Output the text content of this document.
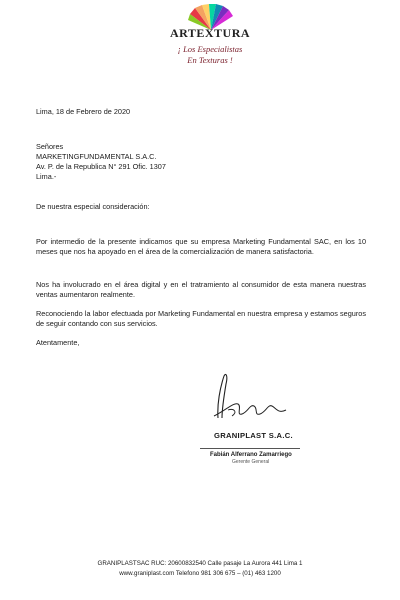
ARTEXTURA
¡ Los Especialistas
En Texturas !
Lima, 18 de Febrero de 2020
Señores
MARKETINGFUNDAMENTAL S.A.C.
Av. P. de la Republica N° 291 Ofic. 1307
Lima.-
De nuestra especial consideración:
Por intermedio de la presente indicamos que su empresa Marketing Fundamental SAC, en los 10 meses que nos ha apoyado en el área de la comercialización de manera satisfactoria.
Nos ha involucrado en el área digital y en el tratramiento al consumidor de esta manera nuestras ventas aumentaron realmente.
Reconociendo la labor efectuada por Marketing Fundamental en nuestra empresa y estamos seguros de seguir contando con sus servicios.
Atentamente,
GRANIPLAST S.A.C.
Fabián Alferrano Zamarriego
Gerente General
GRANIPLASTSAC RUC: 20600832540 Calle pasaje La Aurora 441 Lima 1
www.graniplast.com Telefono 981 306 675 – (01) 463 1200
